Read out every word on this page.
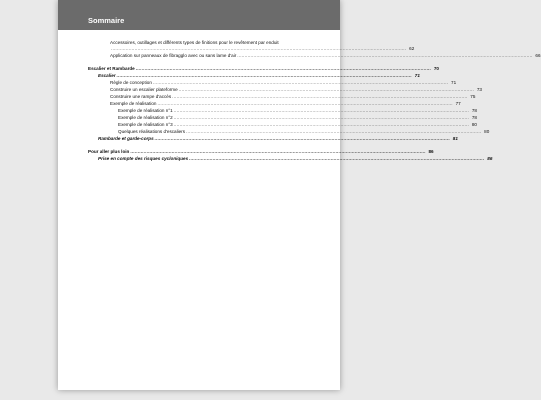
Sommaire
Accessoires, outillages et différents types de finitions pour le revêtement par enduit
........................................................................................................................................................................................................ 62
Application sur panneaux de fibragglo avec ou sans lame d'air ........................................................................................................................................................................................................ 66
Escalier et Rambarde ........................................................................................................................................................................................................ 70
Escalier ........................................................................................................................................................................................................ 71
Règle de conception ........................................................................................................................................................................................................ 71
Construire un escalier plateforme ........................................................................................................................................................................................................ 73
Construire une rampe d'accès ........................................................................................................................................................................................................ 75
Exemple de réalisation ........................................................................................................................................................................................................ 77
Exemple de réalisation n°1 ........................................................................................................................................................................................................ 78
Exemple de réalisation n°2 ........................................................................................................................................................................................................ 78
Exemple de réalisation n°3 ........................................................................................................................................................................................................ 80
Quelques réalisations d'escaliers ........................................................................................................................................................................................................ 80
Rambarde et garde-corps ........................................................................................................................................................................................................ 81
Pour aller plus loin ........................................................................................................................................................................................................ 86
Prise en compte des risques cycloniques ........................................................................................................................................................................................................ 86
